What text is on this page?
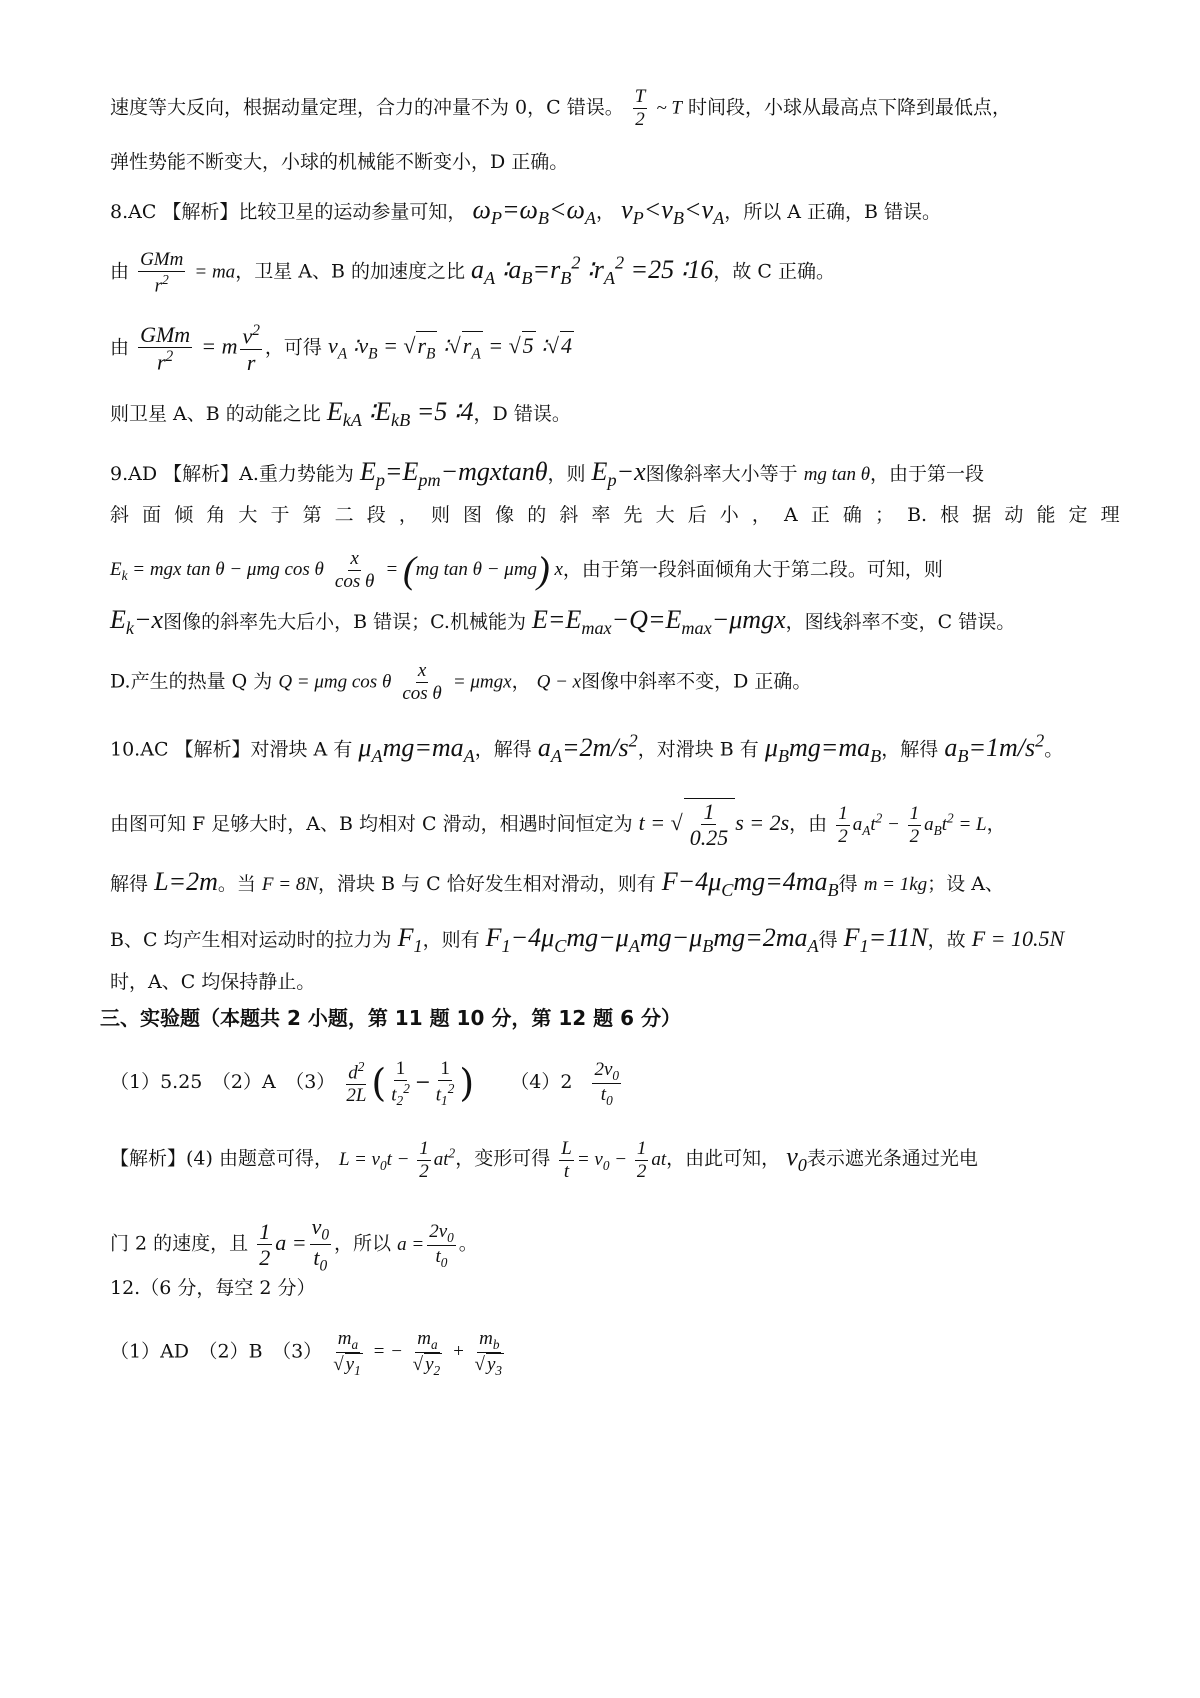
速度等大反向，根据动量定理，合力的冲量不为 0，C 错误。 $\frac{T}{2}$ ~ T 时间段，小球从最高点下降到最低点，
弹性势能不断变大，小球的机械能不断变小，D 正确。
8.AC 【解析】比较卫星的运动参量可知， $\omega_P=\omega_B<\omega_A$， $v_P<v_B<v_A$，所以 A 正确，B 错误。
由 $\frac{\text{GMm}}{r^2}$ = ma，卫星 A、B 的加速度之比 $a_A$ $∶a_B=r_B^2$ $∶r_A^2 =25$ ∶16，故 C 正确。
由 $\frac{\text{GMm}}{r^2} = m \frac{v^2}{r}$ ，可得 $v_A$ $∶v_B = √r_B$ $∶√r_A = √5$ ∶√4
则卫星 A、B 的动能之比 $E_{kA}$ $∶E_{kB} =5$ ∶4，D 错误。
9.AD 【解析】A.重力势能为 $E_p=E_{pm}-mgxtan\theta$，则 $E_p-x$图像斜率大小等于 mg tan θ，由于第一段
斜 面 倾 角 大 于 第 二 段 ， 则 图 像 的 斜 率 先 大 后 小 ， A 正 确 ； B. 根 据 动 能 定 理
$E_k$ = mgx tan θ − μmg cos θ $\frac{x}{\text{cos θ}} = (mg$ tan θ − μmg) x，由于第一段斜面倾角大于第二段。可知，则
$E_k-x$图像的斜率先大后小，B 错误；C.机械能为 $E=E_{max}-Q=E_{max}-\mu mgx$，图线斜率不变，C 错误。
D.产生的热量 Q 为 Q = μmg cos θ $\frac{x}{\text{cos θ}} = \mu mgx$， Q − x图像中斜率不变，D 正确。
10.AC 【解析】对滑块 A 有 $\mu_Amg=ma_A$，解得 $a_A=2m/s^2$，对滑块 B 有 $\mu_Bmg=ma_B$，解得 $a_B=1m/s^2$。
由图可知 F 足够大时，A、B 均相对 C 滑动，相遇时间恒定为 t = √ $\frac{1}{0.25}$ s = 2s，由 $\frac{1}{2} a_At^2 - \frac{1}{2} a_Bt^2 = L$，
解得 L=2m。当 F = 8N，滑块 B 与 C 恰好发生相对滑动，则有 $F-4\mu_Cmg=4ma_B$得 m = 1kg；设 A、
B、C 均产生相对运动时的拉力为 $F_1$，则有 $F_1-4\mu_Cmg-\mu_Amg-\mu_Bmg=2ma_A$得 $F_1=11N$，故 F = 10.5N
时，A、C 均保持静止。
三、实验题（本题共 2 小题，第 11 题 10 分，第 12 题 6 分）
（1）5.25　（2）A　$(3) \frac{d^2}{2L}$ ( $\frac{1}{t_2^2} - \frac{1}{t_1^2}$ ) $(4)2 \frac{2v_0}{t_0}$
【解析】(4) 由题意可得， $L = v_0t - \frac{1}{2} at^2$，变形可得 $\frac{L}{t} = v_0 - \frac{1}{2}$ at，由此可知， $v_0$表示遮光条通过光电
门 2 的速度，且 $\frac{1}{2}$ $a = \frac{v_0}{t_0}$ ，所以 $a = \frac{2v_0}{t_0}$ 。
12.（6 分，每空 2 分）
（1）AD　（2）B　$(3) \frac{m_a}{√ y_1}$ = − $\frac{m_a}{√ y_2} + \frac{m_b}{√ y_3}$
